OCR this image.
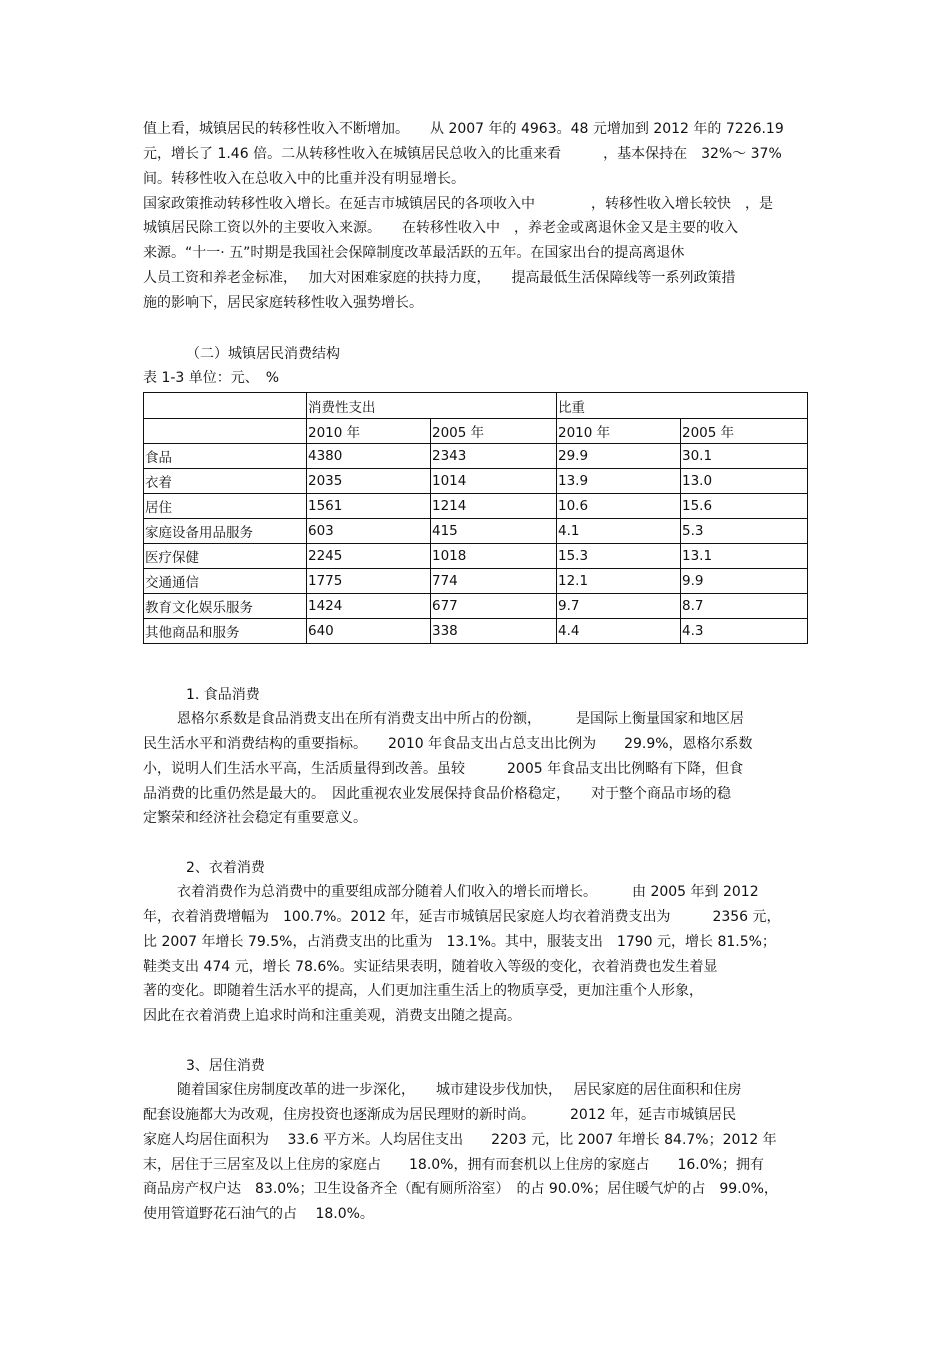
值上看，城镇居民的转移性收入不断增加。　　从 2007 年的 4963。48 元增加到 2012 年的 7226.19
元，增长了 1.46 倍。二从转移性收入在城镇居民总收入的比重来看　　　，基本保持在　32%～ 37%
间。转移性收入在总收入中的比重并没有明显增长。
国家政策推动转移性收入增长。在延吉市城镇居民的各项收入中　　　　，转移性收入增长较快　，是
城镇居民除工资以外的主要收入来源。　　在转移性收入中　，养老金或离退休金又是主要的收入
来源。“十一· 五”时期是我国社会保障制度改革最活跃的五年。在国家出台的提高离退休
人员工资和养老金标准，　 加大对困难家庭的扶持力度，　　提高最低生活保障线等一系列政策措
施的影响下，居民家庭转移性收入强势增长。
（二）城镇居民消费结构
表 1-3 单位：元、　%
	消费性支出		比重	
	2010 年	2005 年	2010 年	2005 年
食品	4380	2343	29.9	30.1
衣着	2035	1014	13.9	13.0
居住	1561	1214	10.6	15.6
家庭设备用品服务	603	415	4.1	5.3
医疗保健	2245	1018	15.3	13.1
交通通信	1775	774	12.1	9.9
教育文化娱乐服务	1424	677	9.7	8.7
其他商品和服务	640	338	4.4	4.3
1. 食品消费
恩格尔系数是食品消费支出在所有消费支出中所占的份额，　　　是国际上衡量国家和地区居
民生活水平和消费结构的重要指标。　　2010 年食品支出占总支出比例为　　29.9%，恩格尔系数
小，说明人们生活水平高，生活质量得到改善。虽较　　　2005 年食品支出比例略有下降，但食
品消费的比重仍然是最大的。　因此重视农业发展保持食品价格稳定，　　对于整个商品市场的稳
定繁荣和经济社会稳定有重要意义。
2、衣着消费
衣着消费作为总消费中的重要组成部分随着人们收入的增长而增长。　　　由 2005 年到 2012
年，衣着消费增幅为　100.7%。2012 年，延吉市城镇居民家庭人均衣着消费支出为　　　2356 元，
比 2007 年增长 79.5%，占消费支出的比重为　13.1%。其中，服装支出　1790 元，增长 81.5%；
鞋类支出 474 元，增长 78.6%。实证结果表明，随着收入等级的变化，衣着消费也发生着显
著的变化。即随着生活水平的提高，人们更加注重生活上的物质享受，更加注重个人形象，
因此在衣着消费上追求时尚和注重美观，消费支出随之提高。
3、居住消费
随着国家住房制度改革的进一步深化，　　城市建设步伐加快，　 居民家庭的居住面积和住房
配套设施都大为改观，住房投资也逐渐成为居民理财的新时尚。　　　2012 年，延吉市城镇居民
家庭人均居住面积为　 33.6 平方米。人均居住支出　　2203 元，比 2007 年增长 84.7%；2012 年
末，居住于三居室及以上住房的家庭占　　18.0%，拥有而套机以上住房的家庭占　　16.0%；拥有
商品房产权户达　83.0%；卫生设备齐全（配有厕所浴室）　的占 90.0%；居住暖气炉的占　99.0%，
使用管道野花石油气的占　 18.0%。
